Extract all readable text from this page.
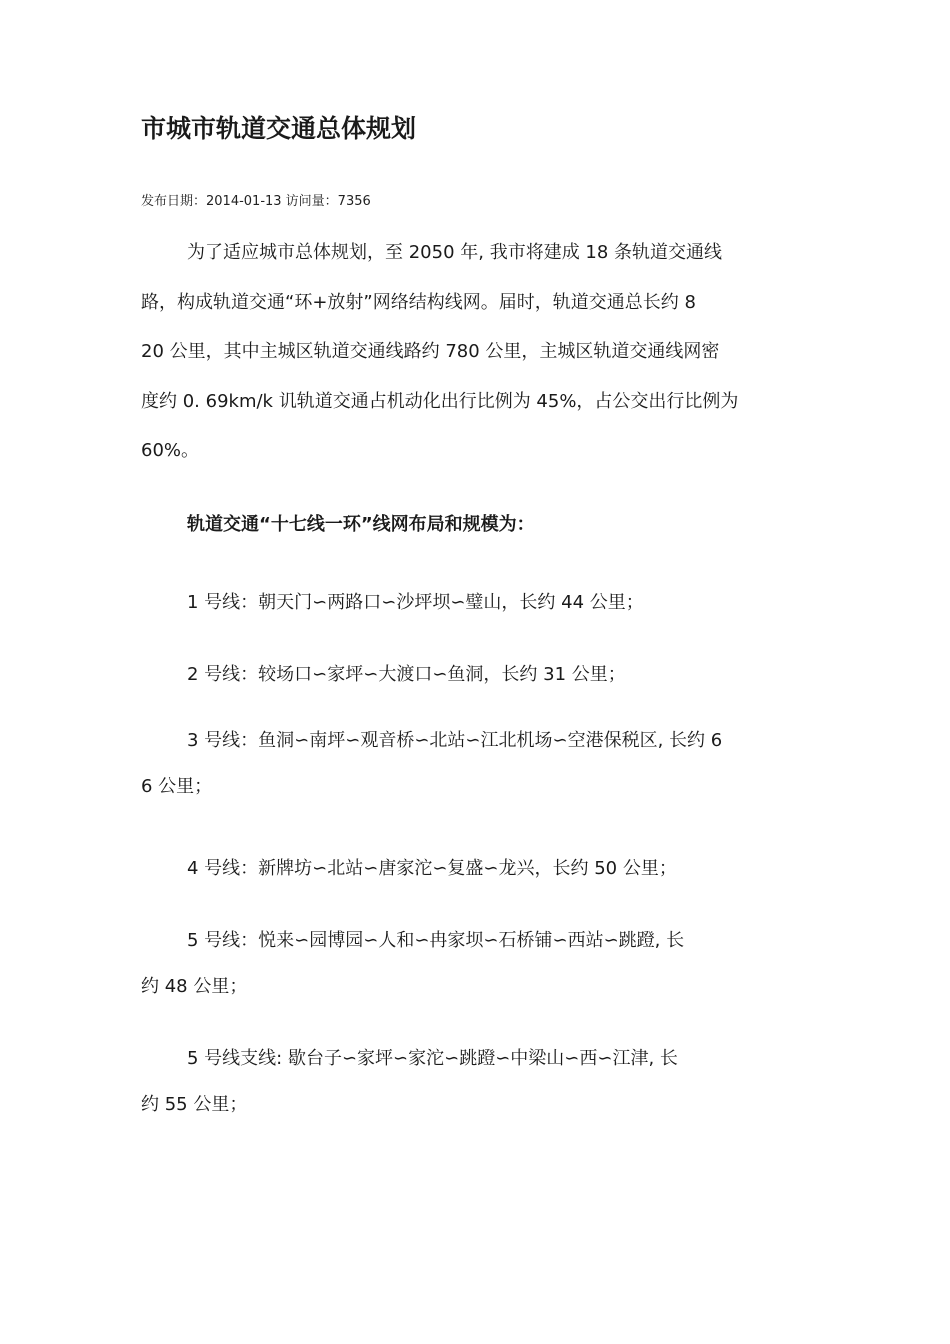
市城市轨道交通总体规划
发布日期：2014-01-13 访问量：7356

为了适应城市总体规划，至 2050 年, 我市将建成 18 条轨道交通线
路，构成轨道交通“环+放射”网络结构线网。届时，轨道交通总长约 8
20 公里，其中主城区轨道交通线路约 780 公里，主城区轨道交通线网密
度约 0. 69km/k 讥轨道交通占机动化出行比例为 45%，占公交出行比例为
60%。

轨道交通“十七线一环”线网布局和规模为：
1 号线：朝天门∽两路口∽沙坪坝∽璧山，长约 44 公里；
2 号线：较场口∽家坪∽大渡口∽鱼洞，长约 31 公里；
3 号线：鱼洞∽南坪∽观音桥∽北站∽江北机场∽空港保税区, 长约 6
6 公里；
4 号线：新牌坊∽北站∽唐家沱∽复盛∽龙兴，长约 50 公里；
5 号线：悦来∽园博园∽人和∽冉家坝∽石桥铺∽西站∽跳蹬, 长
约 48 公里；
5 号线支线: 歇台子∽家坪∽家沱∽跳蹬∽中梁山∽西∽江津, 长
约 55 公里；
